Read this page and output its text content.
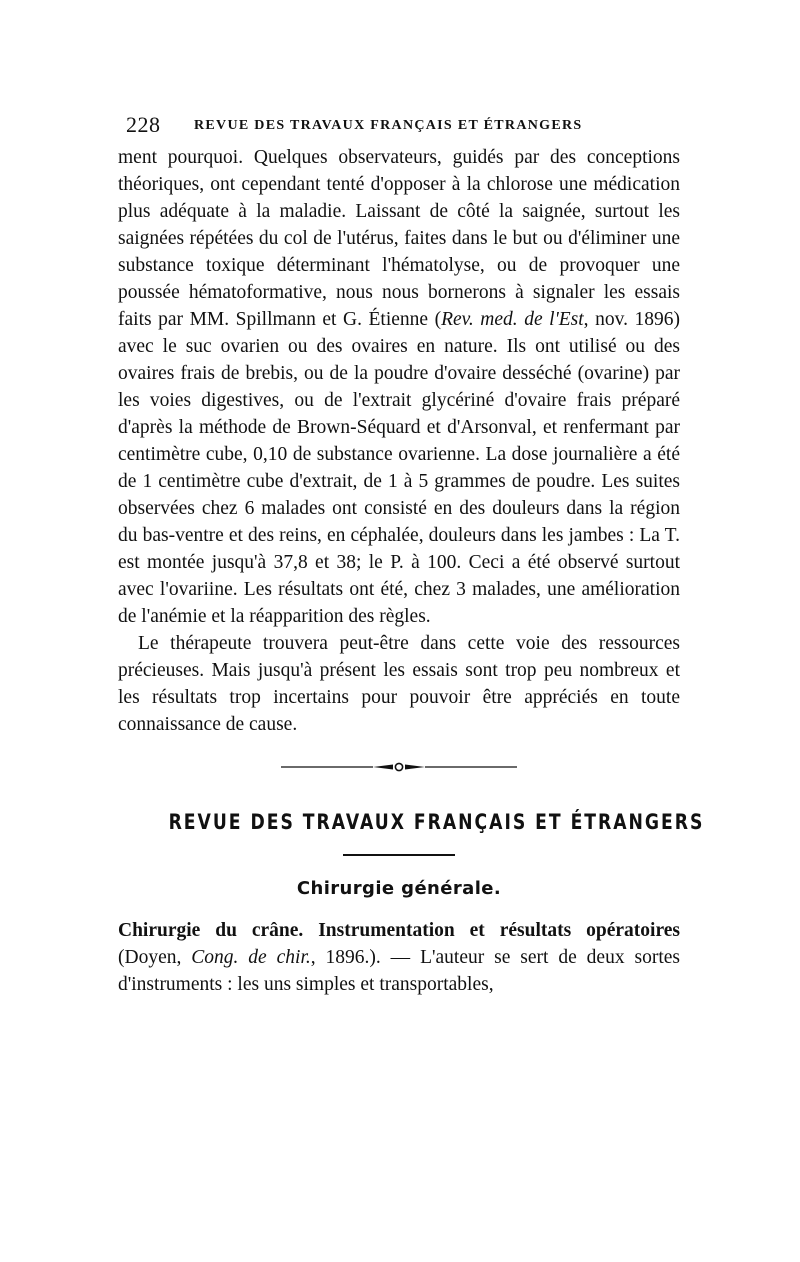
228 REVUE DES TRAVAUX FRANÇAIS ET ÉTRANGERS

ment pourquoi. Quelques observateurs, guidés par des conceptions théoriques, ont cependant tenté d'opposer à la chlorose une médication plus adéquate à la maladie. Laissant de côté la saignée, surtout les saignées répétées du col de l'utérus, faites dans le but ou d'éliminer une substance toxique déterminant l'hématolyse, ou de provoquer une poussée hématoformative, nous nous bornerons à signaler les essais faits par MM. Spillmann et G. Étienne (Rev. med. de l'Est, nov. 1896) avec le suc ovarien ou des ovaires en nature. Ils ont utilisé ou des ovaires frais de brebis, ou de la poudre d'ovaire desséché (ovarine) par les voies digestives, ou de l'extrait glycériné d'ovaire frais préparé d'après la méthode de Brown-Séquard et d'Arsonval, et renfermant par centimètre cube, 0,10 de substance ovarienne. La dose journalière a été de 1 centimètre cube d'extrait, de 1 à 5 grammes de poudre. Les suites observées chez 6 malades ont consisté en des douleurs dans la région du bas-ventre et des reins, en céphalée, douleurs dans les jambes : La T. est montée jusqu'à 37,8 et 38; le P. à 100. Ceci a été observé surtout avec l'ovariine. Les résultats ont été, chez 3 malades, une amélioration de l'anémie et la réapparition des règles.

Le thérapeute trouvera peut-être dans cette voie des ressources précieuses. Mais jusqu'à présent les essais sont trop peu nombreux et les résultats trop incertains pour pouvoir être appréciés en toute connaissance de cause.

REVUE DES TRAVAUX FRANÇAIS ET ÉTRANGERS
Chirurgie générale.

Chirurgie du crâne. Instrumentation et résultats opératoires (Doyen, Cong. de chir., 1896.). — L'auteur se sert de deux sortes d'instruments : les uns simples et transportables,
